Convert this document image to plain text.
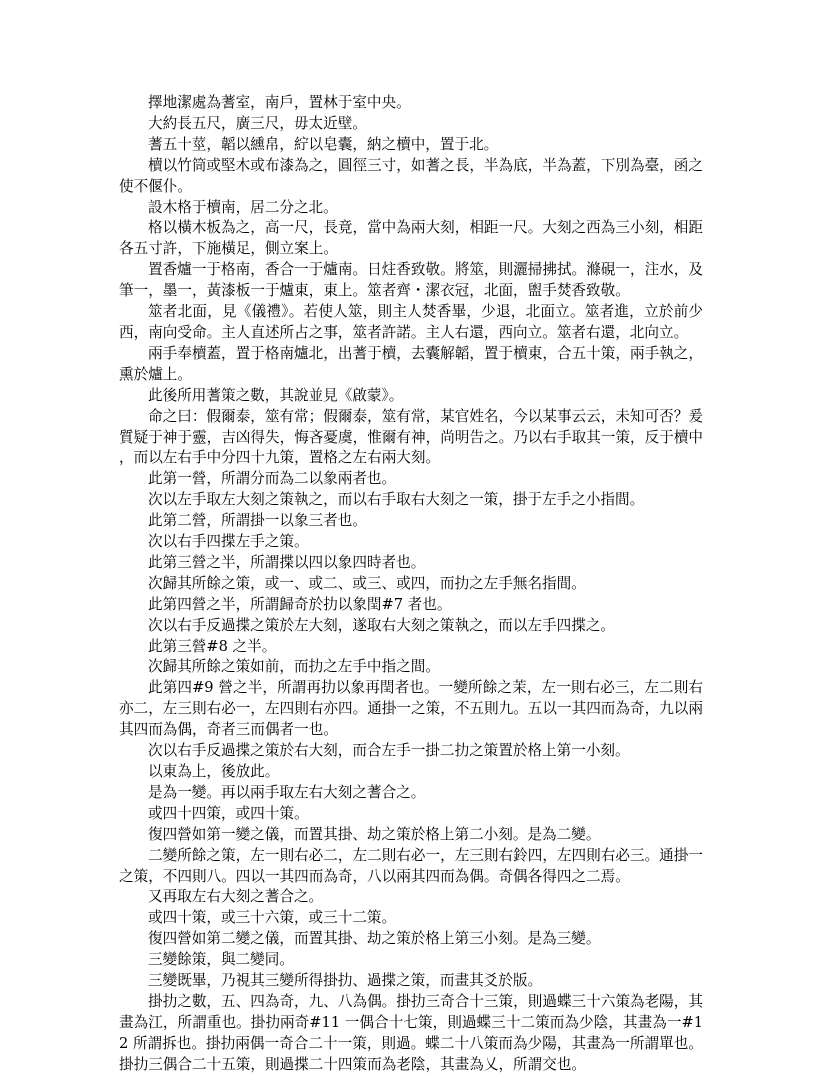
擇地潔處為蓍室，南戶，置林于室中央。

大約長五尺，廣三尺，毋太近壁。

蓍五十莖，韜以纁帛，紵以皂囊，納之櫝中，置于北。

櫝以竹筒或堅木或布漆為之，圓徑三寸，如蓍之長，半為底，半為蓋，下別為臺，函之使不偃仆。

設木格于櫝南，居二分之北。

格以橫木板為之，高一尺，長竟，當中為兩大刻，相距一尺。大刻之西為三小刻，相距各五寸許，下施橫足，側立案上。

置香爐一于格南，香合一于爐南。日炷香致敬。將筮，則灑掃拂拭。滌硯一，注水，及筆一，墨一，黃漆板一于爐東，東上。筮者齊・潔衣冠，北面，盥手焚香致敬。

筮者北面，見《儀禮》。若使人筮，則主人焚香畢，少退，北面立。筮者進，立於前少西，南向受命。主人直述所占之事，筮者許諾。主人右還，西向立。筮者右還，北向立。

兩手奉櫝蓋，置于格南爐北，出蓍于櫝，去囊解韜，置于櫝東，合五十策，兩手執之，熏於爐上。

此後所用蓍策之數，其說並見《啟蒙》。

命之曰：假爾泰，筮有常；假爾泰，筮有常，某官姓名，今以某事云云，未知可否？爰質疑于神于靈，吉凶得失，悔吝憂虞，惟爾有神，尚明告之。乃以右手取其一策，反于櫝中，而以左右手中分四十九策，置格之左右兩大刻。

此第一營，所謂分而為二以象兩者也。

次以左手取左大刻之策執之，而以右手取右大刻之一策，掛于左手之小指間。

此第二營，所謂掛一以象三者也。

次以右手四揲左手之策。

此第三營之半，所謂揲以四以象四時者也。

次歸其所餘之策，或一、或二、或三、或四，而扐之左手無名指間。

此第四營之半，所謂歸奇於扐以象閏#7 者也。

次以右手反過揲之策於左大刻，遂取右大刻之策執之，而以左手四揲之。

此第三營#8 之半。

次歸其所餘之策如前，而扐之左手中指之間。

此第四#9 營之半，所謂再扐以象再閏者也。一變所餘之茉，左一則右必三，左二則右亦二，左三則右必一，左四則右亦四。通掛一之策，不五則九。五以一其四而為奇，九以兩其四而為偶，奇者三而偶者一也。

次以右手反過揲之策於右大刻，而合左手一掛二扐之策置於格上第一小刻。

以東為上，後放此。

是為一變。再以兩手取左右大刻之蓍合之。

或四十四策，或四十策。

復四營如第一變之儀，而置其掛、劫之策於格上第二小刻。是為二變。

二變所餘之策，左一則右必二，左二則右必一，左三則右鈴四，左四則右必三。通掛一之策，不四則八。四以一其四而為奇，八以兩其四而為偶。奇偶各得四之二焉。

又再取左右大刻之蓍合之。

或四十策，或三十六策，或三十二策。

復四營如第二變之儀，而置其掛、劫之策於格上第三小刻。是為三變。

三變餘策，與二變同。

三變既畢，乃視其三變所得掛扐、過揲之策，而畫其爻於版。

掛扐之數，五、四為奇，九、八為偶。掛扐三奇合十三策，則過蝶三十六策為老陽，其畫為江，所謂重也。掛扐兩奇#11 一偶合十七策，則過蝶三十二策而為少陰，其畫為一#12 所謂拆也。掛扐兩偶一奇合二十一策，則過。蝶二十八策而為少陽，其畫為一所謂單也。掛扐三偶合二十五策，則過揲二十四策而為老陰，其畫為乂，所謂交也。
